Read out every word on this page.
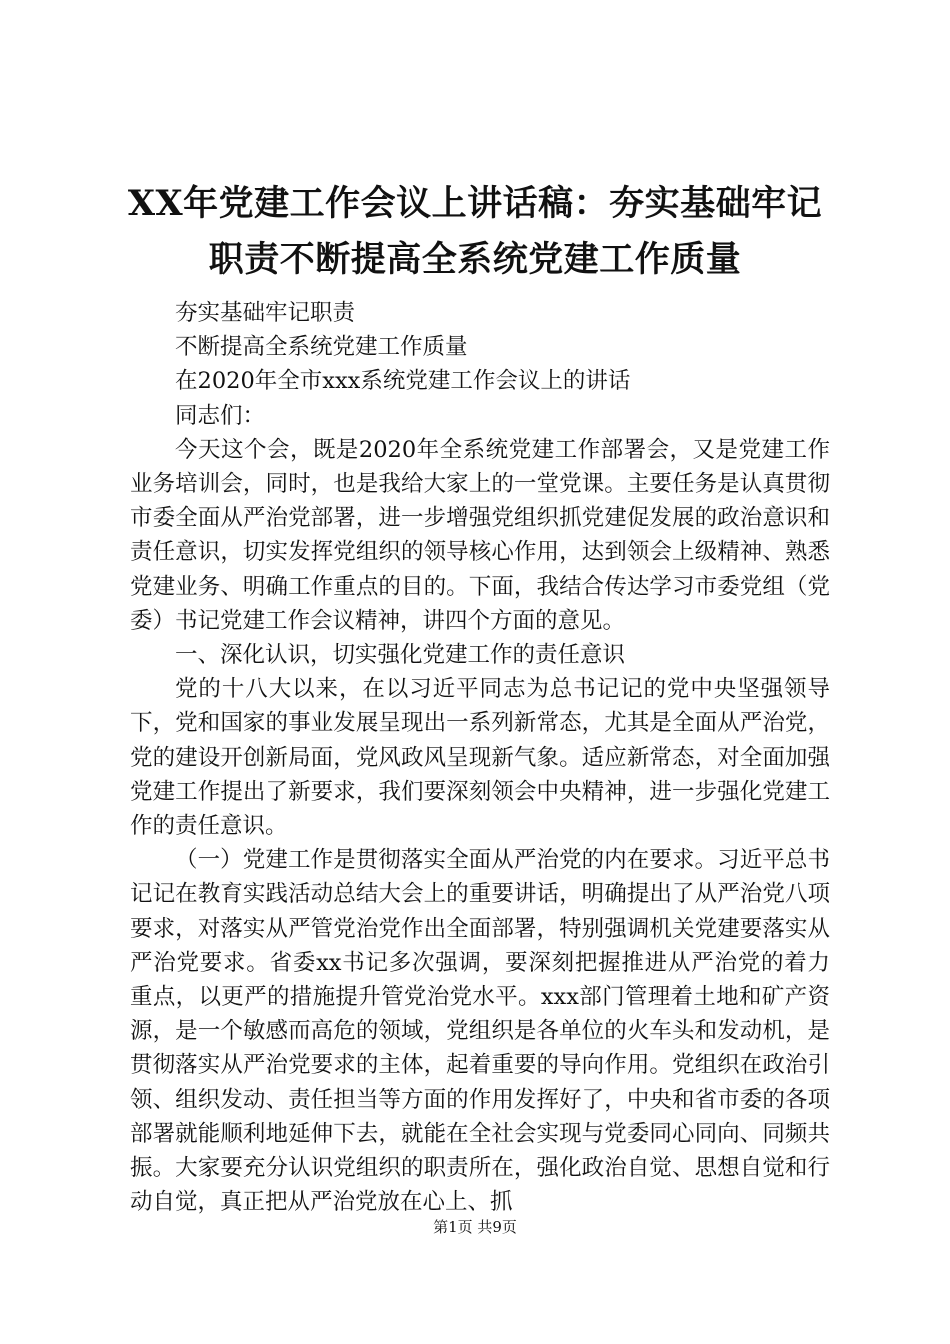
XX年党建工作会议上讲话稿：夯实基础牢记
职责不断提高全系统党建工作质量

夯实基础牢记职责

不断提高全系统党建工作质量

在2020年全市xxx系统党建工作会议上的讲话

同志们：

今天这个会，既是2020年全系统党建工作部署会，又是党建工作业务培训会，同时，也是我给大家上的一堂党课。主要任务是认真贯彻市委全面从严治党部署，进一步增强党组织抓党建促发展的政治意识和责任意识，切实发挥党组织的领导核心作用，达到领会上级精神、熟悉党建业务、明确工作重点的目的。下面，我结合传达学习市委党组（党委）书记党建工作会议精神，讲四个方面的意见。

一、深化认识，切实强化党建工作的责任意识

党的十八大以来，在以习近平同志为总书记记的党中央坚强领导下，党和国家的事业发展呈现出一系列新常态，尤其是全面从严治党，党的建设开创新局面，党风政风呈现新气象。适应新常态，对全面加强党建工作提出了新要求，我们要深刻领会中央精神，进一步强化党建工作的责任意识。

（一）党建工作是贯彻落实全面从严治党的内在要求。习近平总书记记在教育实践活动总结大会上的重要讲话，明确提出了从严治党八项要求，对落实从严管党治党作出全面部署，特别强调机关党建要落实从严治党要求。省委xx书记多次强调，要深刻把握推进从严治党的着力重点，以更严的措施提升管党治党水平。xxx部门管理着土地和矿产资源，是一个敏感而高危的领域，党组织是各单位的火车头和发动机，是贯彻落实从严治党要求的主体，起着重要的导向作用。党组织在政治引领、组织发动、责任担当等方面的作用发挥好了，中央和省市委的各项部署就能顺利地延伸下去，就能在全社会实现与党委同心同向、同频共振。大家要充分认识党组织的职责所在，强化政治自觉、思想自觉和行动自觉，真正把从严治党放在心上、抓

第1页 共9页
